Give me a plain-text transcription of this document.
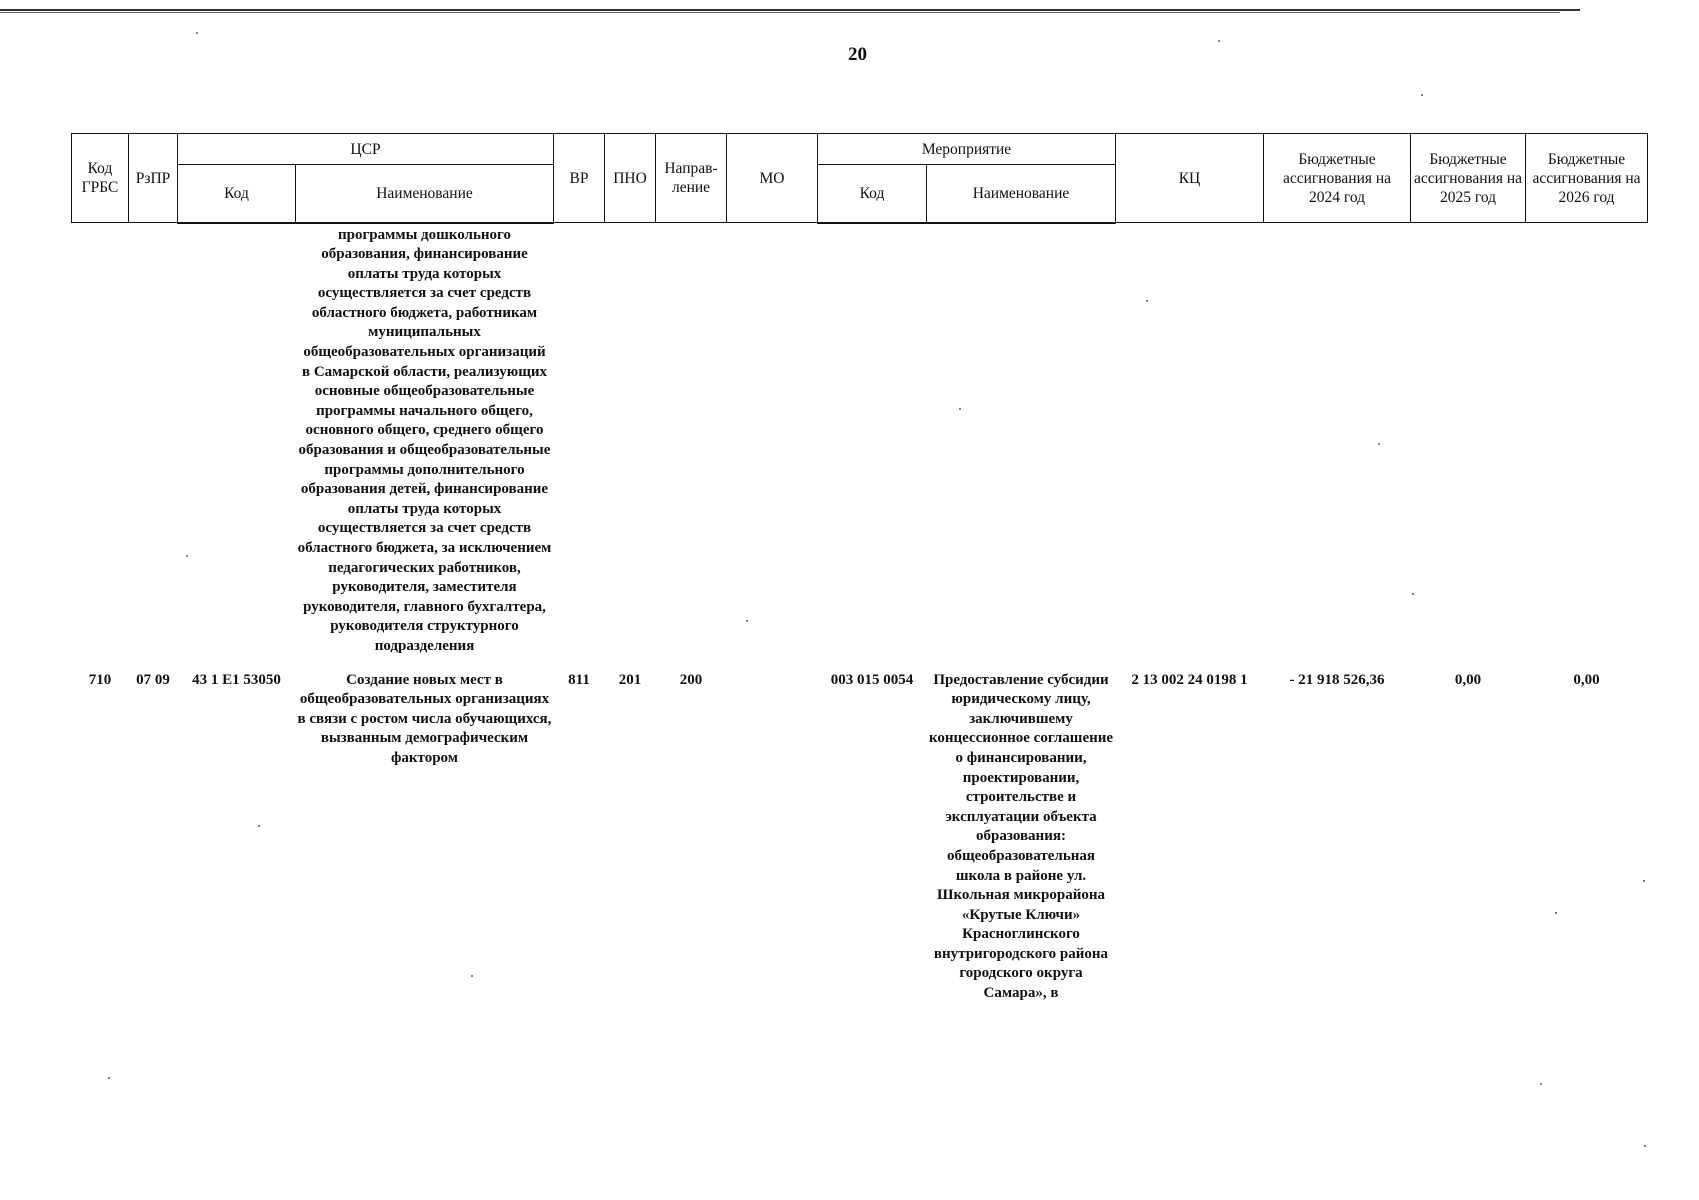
20
Код ГРБС	РзПР	ЦСР		ВР	ПНО	Направ-ление	МО	Мероприятие		КЦ	Бюджетные ассигнования на 2024 год	Бюджетные ассигнования на 2025 год	Бюджетные ассигнования на 2026 год
		Код	Наименование					Код	Наименование				
			программы дошкольного образования, финансирование оплаты труда которых осуществляется за счет средств областного бюджета, работникам муниципальных общеобразовательных организаций в Самарской области, реализующих основные общеобразовательные программы начального общего, основного общего, среднего общего образования и общеобразовательные программы дополнительного образования детей, финансирование оплаты труда которых осуществляется за счет средств областного бюджета, за исключением педагогических работников, руководителя, заместителя руководителя, главного бухгалтера, руководителя структурного подразделения										
710	07 09	43 1 E1 53050	Создание новых мест в общеобразовательных организациях в связи с ростом числа обучающихся, вызванным демографическим фактором	811	201	200		003 015 0054	Предоставление субсидии юридическому лицу, заключившему концессионное соглашение о финансировании, проектировании, строительстве и эксплуатации объекта образования: общеобразовательная школа в районе ул. Школьная микрорайона «Крутые Ключи» Красноглинского внутригородского района городского округа Самара», в	2 13 002 24 0198 1	- 21 918 526,36	0,00	0,00
